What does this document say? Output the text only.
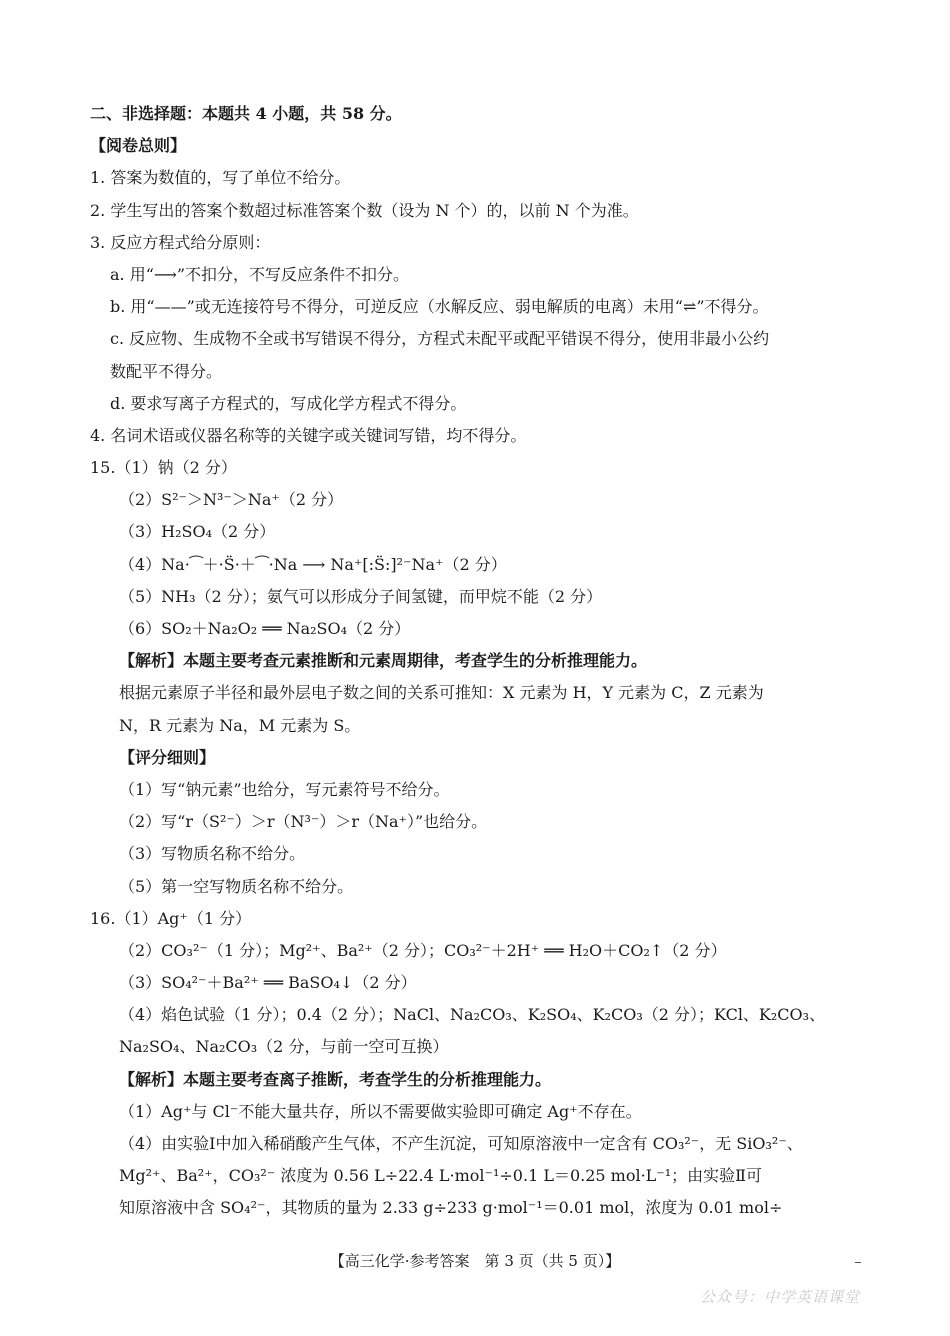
二、非选择题：本题共 4 小题，共 58 分。
【阅卷总则】
1. 答案为数值的，写了单位不给分。
2. 学生写出的答案个数超过标准答案个数（设为 N 个）的，以前 N 个为准。
3. 反应方程式给分原则：
a. 用“⟶”不扣分，不写反应条件不扣分。
b. 用“——”或无连接符号不得分，可逆反应（水解反应、弱电解质的电离）未用“⇌”不得分。
c. 反应物、生成物不全或书写错误不得分，方程式未配平或配平错误不得分，使用非最小公约
数配平不得分。
d. 要求写离子方程式的，写成化学方程式不得分。
4. 名词术语或仪器名称等的关键字或关键词写错，均不得分。
15.（1）钠（2 分）
（2）S²⁻＞N³⁻＞Na⁺（2 分）
（3）H₂SO₄（2 分）
（4）Na·⁀＋·S̈·＋⁀·Na ⟶ Na⁺[:S̈:]²⁻Na⁺（2 分）
（5）NH₃（2 分）；氨气可以形成分子间氢键，而甲烷不能（2 分）
（6）SO₂＋Na₂O₂ ══ Na₂SO₄（2 分）
【解析】本题主要考查元素推断和元素周期律，考查学生的分析推理能力。
根据元素原子半径和最外层电子数之间的关系可推知：X 元素为 H，Y 元素为 C，Z 元素为
N，R 元素为 Na，M 元素为 S。
【评分细则】
（1）写“钠元素”也给分，写元素符号不给分。
（2）写“r（S²⁻）＞r（N³⁻）＞r（Na⁺）”也给分。
（3）写物质名称不给分。
（5）第一空写物质名称不给分。
16.（1）Ag⁺（1 分）
（2）CO₃²⁻（1 分）；Mg²⁺、Ba²⁺（2 分）；CO₃²⁻＋2H⁺ ══ H₂O＋CO₂↑（2 分）
（3）SO₄²⁻＋Ba²⁺ ══ BaSO₄↓（2 分）
（4）焰色试验（1 分）；0.4（2 分）；NaCl、Na₂CO₃、K₂SO₄、K₂CO₃（2 分）；KCl、K₂CO₃、
Na₂SO₄、Na₂CO₃（2 分，与前一空可互换）
【解析】本题主要考查离子推断，考查学生的分析推理能力。
（1）Ag⁺与 Cl⁻不能大量共存，所以不需要做实验即可确定 Ag⁺不存在。
（4）由实验Ⅰ中加入稀硝酸产生气体，不产生沉淀，可知原溶液中一定含有 CO₃²⁻，无 SiO₃²⁻、
Mg²⁺、Ba²⁺，CO₃²⁻ 浓度为 0.56 L÷22.4 L·mol⁻¹÷0.1 L＝0.25 mol·L⁻¹；由实验Ⅱ可
知原溶液中含 SO₄²⁻，其物质的量为 2.33 g÷233 g·mol⁻¹＝0.01 mol，浓度为 0.01 mol÷
【高三化学·参考答案　第 3 页（共 5 页）】
公众号：中学英语课堂
